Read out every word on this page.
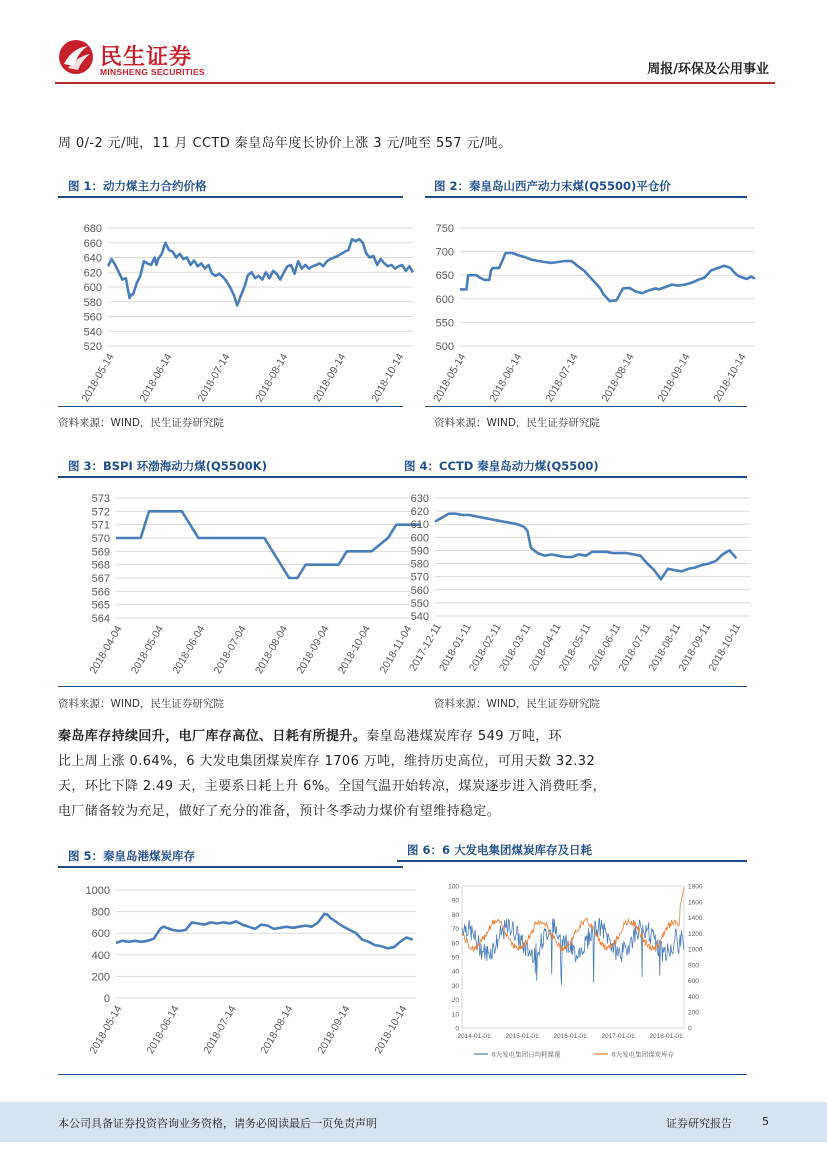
民生证券
MINSHENG SECURITIES	周报/环保及公用事业
周 0/-2 元/吨，11 月 CCTD 秦皇岛年度长协价上涨 3 元/吨至 557 元/吨。
图 1：动力煤主力合约价格	图 2：秦皇岛山西产动力末煤(Q5500)平仓价
520
540
560
580
600
620
640
660
680
2018-05-14 2018-06-14 2018-07-14 2018-08-14 2018-09-14 2018-10-14
500
550
600
650
700
750
2018-05-14 2018-06-14 2018-07-14 2018-08-14 2018-09-14 2018-10-14
资料来源：WIND，民生证券研究院	资料来源：WIND，民生证券研究院
图 3：BSPI 环渤海动力煤(Q5500K)	图 4：CCTD 秦皇岛动力煤(Q5500)
564
565
566
567
568
569
570
571
572
573
2018-04-04 2018-05-04 2018-06-04 2018-07-04 2018-08-04 2018-09-04 2018-10-04 2018-11-04
540
550
560
570
580
590
600
610
620
630
2017-12-11
2018-01-11
2018-02-11
2018-03-11
2018-04-11
2018-05-11
2018-06-11
2018-07-11
2018-08-11
2018-09-11
2018-10-11
资料来源：WIND，民生证券研究院	资料来源：WIND，民生证券研究院
秦岛库存持续回升，电厂库存高位、日耗有所提升。秦皇岛港煤炭库存 549 万吨，环
比上周上涨 0.64%，6 大发电集团煤炭库存 1706 万吨，维持历史高位，可用天数 32.32
天，环比下降 2.49 天，主要系日耗上升 6%。全国气温开始转凉，煤炭逐步进入消费旺季，
电厂储备较为充足，做好了充分的准备，预计冬季动力煤价有望维持稳定。
图 5：秦皇岛港煤炭库存	图 6：6 大发电集团煤炭库存及日耗
0
200
400
600
800
1000
2018-05-14 2018-06-14 2018-07-14 2018-08-14 2018-09-14 2018-10-14	0
10
20
30
40
50
60
70
80
90
100
0
200
400
600
800
1000
1200
1400
1600
1800
2014-01-01 2015-01-01 2016-01-01 2017-01-01 2018-01-01
6大发电集团日均耗煤量	6大发电集团煤炭库存
本公司具备证券投资咨询业务资格，请务必阅读最后一页免责声明	证券研究报告	5
